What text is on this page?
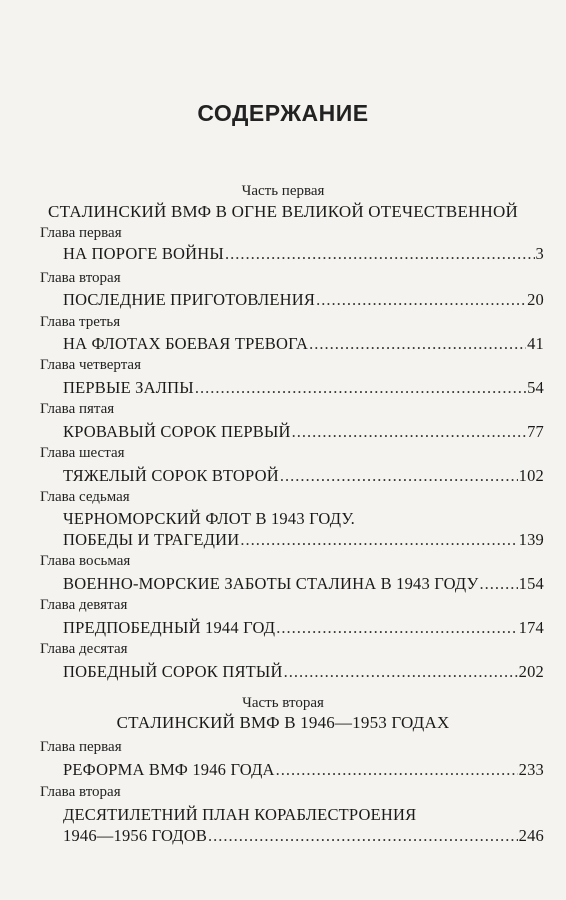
СОДЕРЖАНИЕ
Часть первая
СТАЛИНСКИЙ ВМФ В ОГНЕ ВЕЛИКОЙ ОТЕЧЕСТВЕННОЙ
Глава первая
НА ПОРОГЕ ВОЙНЫ .....	3
Глава вторая
ПОСЛЕДНИЕ ПРИГОТОВЛЕНИЯ .....	20
Глава третья
НА ФЛОТАХ БОЕВАЯ ТРЕВОГА .....	41
Глава четвертая
ПЕРВЫЕ ЗАЛПЫ .....	54
Глава пятая
КРОВАВЫЙ СОРОК ПЕРВЫЙ .....	77
Глава шестая
ТЯЖЕЛЫЙ СОРОК ВТОРОЙ .....	102
Глава седьмая
ЧЕРНОМОРСКИЙ ФЛОТ В 1943 ГОДУ.
ПОБЕДЫ И ТРАГЕДИИ .....	139
Глава восьмая
ВОЕННО-МОРСКИЕ ЗАБОТЫ СТАЛИНА В 1943 ГОДУ ..... 154
Глава девятая
ПРЕДПОБЕДНЫЙ 1944 ГОД .....	174
Глава десятая
ПОБЕДНЫЙ СОРОК ПЯТЫЙ .....	202
Часть вторая
СТАЛИНСКИЙ ВМФ В 1946—1953 ГОДАХ
Глава первая
РЕФОРМА ВМФ 1946 ГОДА .....	233
Глава вторая
ДЕСЯТИЛЕТНИЙ ПЛАН КОРАБЛЕСТРОЕНИЯ
1946—1956 ГОДОВ .....	246
